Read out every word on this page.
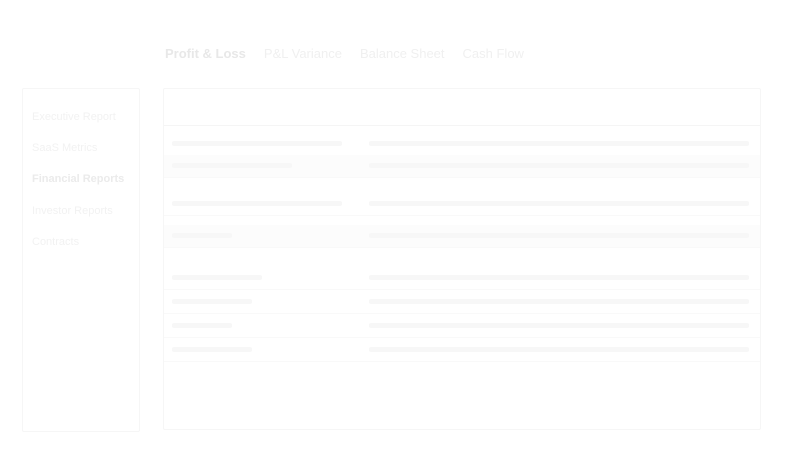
Profit & Loss P&L Variance Balance Sheet Cash Flow
Executive Report
SaaS Metrics
Financial Reports
Investor Reports
Contracts
